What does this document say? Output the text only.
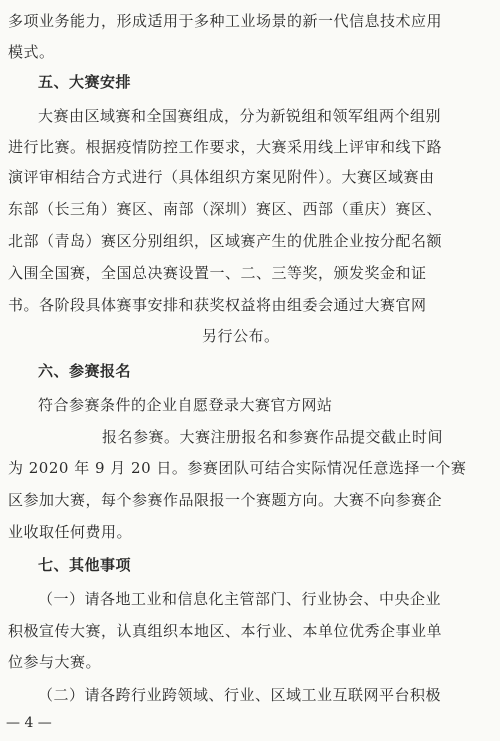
多项业务能力，形成适用于多种工业场景的新一代信息技术应用
模式。
五、大赛安排
大赛由区域赛和全国赛组成，分为新锐组和领军组两个组别
进行比赛。根据疫情防控工作要求，大赛采用线上评审和线下路
演评审相结合方式进行（具体组织方案见附件）。大赛区域赛由
东部（长三角）赛区、南部（深圳）赛区、西部（重庆）赛区、
北部（青岛）赛区分别组织，区域赛产生的优胜企业按分配名额
入围全国赛，全国总决赛设置一、二、三等奖，颁发奖金和证
书。各阶段具体赛事安排和获奖权益将由组委会通过大赛官网
另行公布。
六、参赛报名
符合参赛条件的企业自愿登录大赛官方网站
报名参赛。大赛注册报名和参赛作品提交截止时间
为 2020 年 9 月 20 日。参赛团队可结合实际情况任意选择一个赛
区参加大赛，每个参赛作品限报一个赛题方向。大赛不向参赛企
业收取任何费用。
七、其他事项
（一）请各地工业和信息化主管部门、行业协会、中央企业
积极宣传大赛，认真组织本地区、本行业、本单位优秀企事业单
位参与大赛。
（二）请各跨行业跨领域、行业、区域工业互联网平台积极
— 4 —
